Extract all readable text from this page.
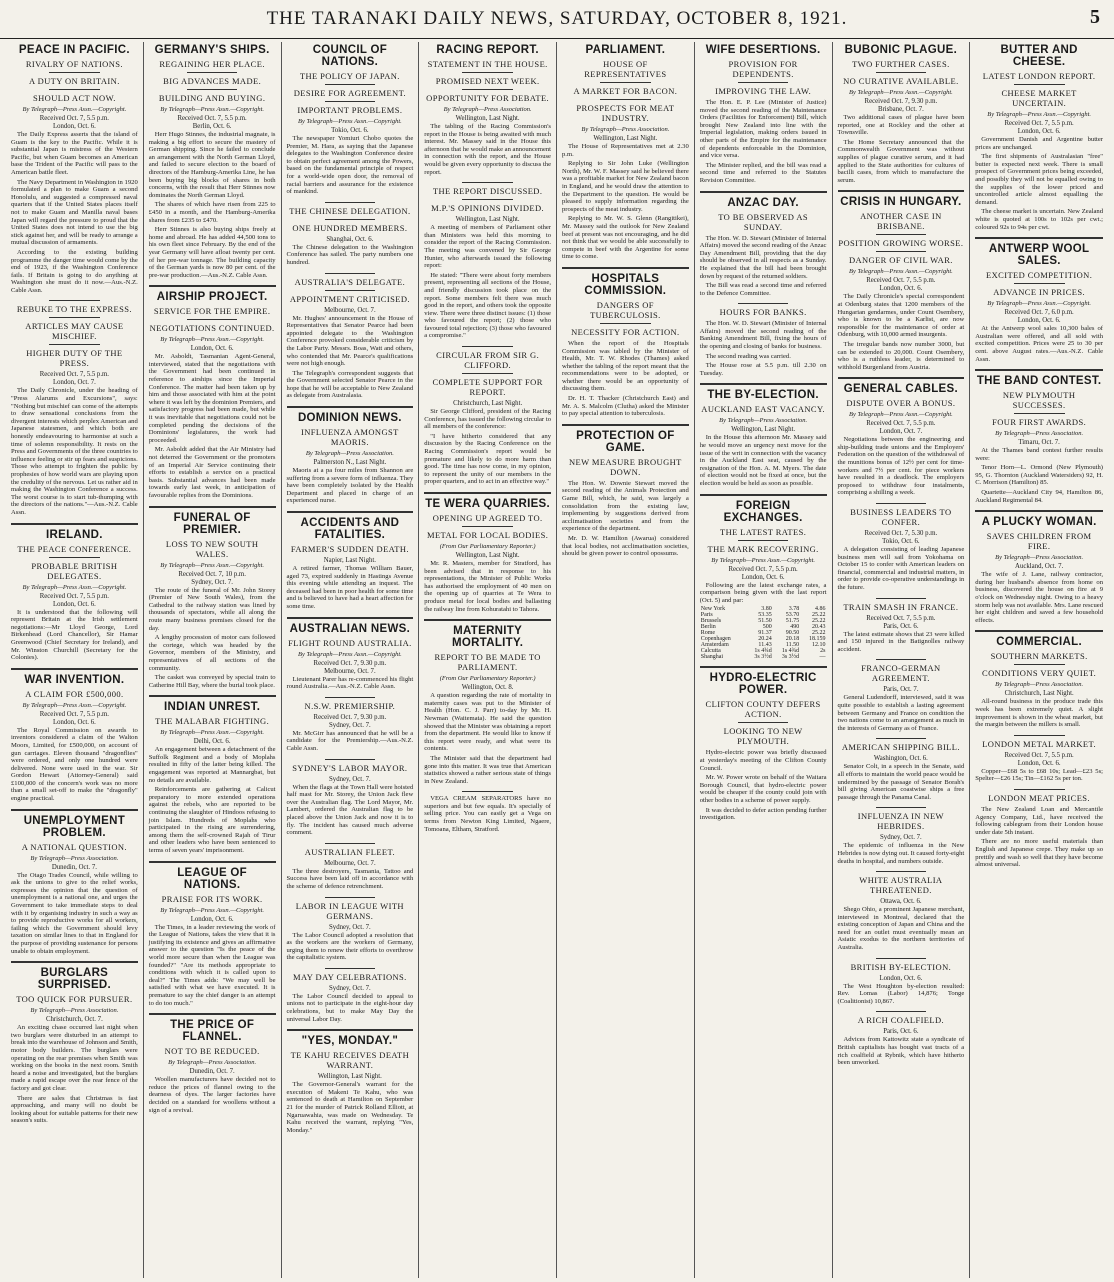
THE TARANAKI DAILY NEWS, SATURDAY, OCTOBER 8, 1921.	5
PEACE IN PACIFIC.
RIVALRY OF NATIONS.
A DUTY ON BRITAIN.
SHOULD ACT NOW.
By Telegraph—Press Assn.—Copyright.
Received Oct. 7, 5.5 p.m.
London, Oct. 6.

The Daily Express asserts that the island of Guam is the key to the Pacific. While it is substantial Japan is mistress of the Western Pacific, but when Guam becomes an American base the Trident of the Pacific will pass to the American battle fleet.

The Navy Department in Washington in 1920 formulated a plan to make Guam a second Honolulu, and suggested a compressed naval quarters that if the United States places itself not to make Guam and Manilla naval bases Japan will regard the pressure to proud that the United States does not intend to use the big stick against her, and will be ready to arrange a mutual discussion of armaments.

According to the existing building programme the danger time would come by the end of 1923, if the Washington Conference fails. If Britain is going to do anything at Washington she must do it now.—Aus.-N.Z. Cable Assn.

REBUKE TO THE EXPRESS.
ARTICLES MAY CAUSE MISCHIEF.
HIGHER DUTY OF THE PRESS.
Received Oct. 7, 5.5 p.m.
London, Oct. 7.

The Daily Chronicle, under the heading of "Press Alarums and Excursions", says: "Nothing but mischief can come of the attempts to draw sensational conclusions from the divergent interests which perplex American and Japanese statesmen, and which both are honestly endeavouring to harmonise at such a time of solemn responsibility. It rests on the Press and Governments of the three countries to influence feeling or stir up fears and suspicions. Those who attempt to frighten the public by prophesies of how world wars are playing upon the credulity of the nervous. Let us rather aid in making the Washington Conference a success. The worst course is to start tub-thumping with the directors of the nations."—Aus.-N.Z. Cable Assn.

IRELAND.
THE PEACE CONFERENCE.
PROBABLE BRITISH DELEGATES.
By Telegraph—Press Assn.—Copyright.
Received Oct. 7, 5.5 p.m.
London, Oct. 6.

It is understood that the following will represent Britain at the Irish settlement negotiations:—Mr Lloyd George, Lord Birkenhead (Lord Chancellor), Sir Hamar Greenwood (Chief Secretary for Ireland), and Mr. Winston Churchill (Secretary for the Colonies).

WAR INVENTION.
A CLAIM FOR £500,000.
By Telegraph—Press Assn.—Copyright.
Received Oct. 7, 5.5 p.m.
London, Oct. 6.

The Royal Commission on awards to inventors considered a claim of the Walton Moors, Limited, for £500,000, on account of gun carriages. Eleven thousand "dragonflies" were ordered, and only one hundred were delivered. None were used in the war. Sir Gordon Hewart (Attorney-General) said £100,000 of the concern's work was no more than a small set-off to make the "dragonfly" engine practical.

UNEMPLOYMENT PROBLEM.
A NATIONAL QUESTION.
By Telegraph—Press Association.
Dunedin, Oct. 7.

The Otago Trades Council, while willing to ask the unions to give to the relief works, expresses the opinion that the question of unemployment is a national one, and urges the Government to take immediate steps to deal with it by organising industry in such a way as to provide reproductive works for all workers, failing which the Government should levy taxation on similar lines to that in England for the purpose of providing sustenance for persons unable to obtain employment.

BURGLARS SURPRISED.
TOO QUICK FOR PURSUER.
By Telegraph—Press Association.
Christchurch, Oct. 7.

An exciting chase occurred last night when two burglars were disturbed in an attempt to break into the warehouse of Johnson and Smith, motor body builders. The burglars were operating on the rear premises when Smith was working on the books in the next room. Smith heard a noise and investigated, but the burglars made a rapid escape over the rear fence of the factory and got clear.

There are sales that Christmas is fast approaching, and many will no doubt be looking about for suitable patterns for their new season's suits.

GERMANY'S SHIPS.
REGAINING HER PLACE.
BIG ADVANCES MADE.
BUILDING AND BUYING.
By Telegraph—Press Assn.—Copyright.
Received Oct. 7, 5.5 p.m.
Berlin, Oct. 6.

Herr Hugo Stinnes, the industrial magnate, is making a big effort to secure the mastery of German shipping. Since he failed to conclude an arrangement with the North German Lloyd, and failed to secure election to the board of directors of the Hamburg-Amerika Line, he has been buying big blocks of shares in both concerns, with the result that Herr Stinnes now dominates the North German Lloyd.

The shares of which have risen from 225 to £450 in a month, and the Hamburg-Amerika shares from £235 to £470.

Herr Stinnes is also buying ships freely at home and abroad. He has added 44,500 tons to his own fleet since February. By the end of the year Germany will have afloat twenty per cent. of her pre-war tonnage. The building capacity of the German yards is now 80 per cent. of the pre-war production.—Aus.-N.Z. Cable Assn.

AIRSHIP PROJECT.
SERVICE FOR THE EMPIRE.
NEGOTIATIONS CONTINUED.
By Telegraph—Press Assn.—Copyright.
London, Oct. 6.

Mr. Asboldt, Tasmanian Agent-General, interviewed, stated that the negotiations with the Government had been continued in reference to airships since the Imperial Conference. The matter had been taken up by him and those associated with him at the point where it was left by the dominion Premiers, and satisfactory progress had been made, but while it was inevitable that negotiations could not be completed pending the decisions of the Dominions' legislatures, the work had proceeded.

Mr. Asboldt added that the Air Ministry had not deterred the Government or the promoters of an Imperial Air Service continuing their efforts to establish a service on a practical basis. Substantial advances had been made towards early last week, in anticipation of favourable replies from the Dominions.

FUNERAL OF PREMIER.
LOSS TO NEW SOUTH WALES.
By Telegraph—Press Assn.—Copyright.
Received Oct. 7, 10 p.m.
Sydney, Oct. 7.

The route of the funeral of Mr. John Storey (Premier of New South Wales), from the Cathedral to the railway station was lined by thousands of spectators, while all along the route many business premises closed for the day.

A lengthy procession of motor cars followed the cortege, which was headed by the Governor, members of the Ministry, and representatives of all sections of the community.

The casket was conveyed by special train to Catherine Hill Bay, where the burial took place.

INDIAN UNREST.
THE MALABAR FIGHTING.
By Telegraph—Press Assn.—Copyright.
Delhi, Oct. 6.

An engagement between a detachment of the Suffolk Regiment and a body of Moplahs resulted in fifty of the latter being killed. The engagement was reported at Mannargbat, but no details are available.

Reinforcements are gathering at Calicut preparatory to more extended operations against the rebels, who are reported to be continuing the slaughter of Hindoos refusing to join Islam. Hundreds of Moplahs who participated in the rising are surrendering, among them the self-crowned Rajah of Tirur and other leaders who have been sentenced to terms of seven years' imprisonment.

LEAGUE OF NATIONS.
PRAISE FOR ITS WORK.
By Telegraph—Press Assn.—Copyright.
London, Oct. 6.

The Times, in a leader reviewing the work of the League of Nations, takes the view that it is justifying its existence and gives an affirmative answer to the question "Is the peace of the world more secure than when the League was founded?" "Are its methods appropriate to conditions with which it is called upon to deal?" The Times adds: "We may well be satisfied with what we have executed. It is premature to say the chief danger is an attempt to do too much."

THE PRICE OF FLANNEL.
NOT TO BE REDUCED.
By Telegraph—Press Association.
Dunedin, Oct. 7.

Woollen manufacturers have decided not to reduce the prices of flannel owing to the dearness of dyes. The larger factories have decided on a standard for woollens without a sign of a revival.

COUNCIL OF NATIONS.
THE POLICY OF JAPAN.
DESIRE FOR AGREEMENT.
IMPORTANT PROBLEMS.
By Telegraph—Press Assn.—Copyright.
Tokio, Oct. 6.

The newspaper Yomiuri Chobo quotes the Premier, M. Hara, as saying that the Japanese delegates to the Washington Conference desire to obtain perfect agreement among the Powers, based on the fundamental principle of respect for a world-wide open door, the removal of racial barriers and assurance for the existence of mankind.

THE CHINESE DELEGATION.
ONE HUNDRED MEMBERS.
Shanghai, Oct. 6.

The Chinese delegation to the Washington Conference has sailed. The party numbers one hundred.

AUSTRALIA'S DELEGATE.
APPOINTMENT CRITICISED.
Melbourne, Oct. 7.

Mr. Hughes' announcement in the House of Representatives that Senator Pearce had been appointed delegate to the Washington Conference provoked considerable criticism by the Labor Party. Messrs. Boas, Watt and others, who contended that Mr. Pearce's qualifications were not high enough.

The Telegraph's correspondent suggests that the Government selected Senator Pearce in the hope that he will be acceptable to New Zealand as delegate from Australasia.

DOMINION NEWS.
INFLUENZA AMONGST MAORIS.
By Telegraph—Press Association.
Palmerston N., Last Night.

Maoris at a pa four miles from Shannon are suffering from a severe form of influenza. They have been completely isolated by the Health Department and placed in charge of an experienced nurse.

ACCIDENTS AND FATALITIES.
FARMER'S SUDDEN DEATH.
Napier, Last Night.

A retired farmer, Thomas William Bauer, aged 73, expired suddenly in Hastings Avenue this evening while attending an inquest. The deceased had been in poor health for some time and is believed to have had a heart affection for some time.

AUSTRALIAN NEWS.
FLIGHT ROUND AUSTRALIA.
By Telegraph—Press Assn.—Copyright.
Received Oct. 7, 9.30 p.m.
Melbourne, Oct. 7.

Lieutenant Parer has re-commenced his flight round Australia.—Aus.-N.Z. Cable Assn.

N.S.W. PREMIERSHIP.
Received Oct. 7, 9.30 p.m.
Sydney, Oct. 7.

Mr. McGirr has announced that he will be a candidate for the Premiership.—Aus.-N.Z. Cable Assn.

SYDNEY'S LABOR MAYOR.
Sydney, Oct. 7.

When the flags at the Town Hall were hoisted half mast for Mr. Storey, the Union Jack flew over the Australian flag. The Lord Mayor, Mr. Lambert, ordered the Australian flag to be placed above the Union Jack and now it is to fly. The incident has caused much adverse comment.

AUSTRALIAN FLEET.
Melbourne, Oct. 7.

The three destroyers, Tasmania, Tattoo and Success have been laid off in accordance with the scheme of defence retrenchment.

LABOR IN LEAGUE WITH GERMANS.
Sydney, Oct. 7.

The Labor Council adopted a resolution that as the workers are the workers of Germany, urging them to renew their efforts to overthrow the capitalistic system.

MAY DAY CELEBRATIONS.
Sydney, Oct. 7.

The Labor Council decided to appeal to unions not to participate in the eight-hour day celebrations, but to make May Day the universal Labor Day.

"YES, MONDAY."
TE KAHU RECEIVES DEATH WARRANT.
Wellington, Last Night.

The Governor-General's warrant for the execution of Makeni Te Kahu, who was sentenced to death at Hamilton on September 21 for the murder of Patrick Rolland Elliott, at Ngaruawahia, was made on Wednesday. Te Kahu received the warrant, replying "Yes, Monday."

RACING REPORT.
STATEMENT IN THE HOUSE.
PROMISED NEXT WEEK.
OPPORTUNITY FOR DEBATE.
By Telegraph—Press Association.
Wellington, Last Night.

The tabling of the Racing Commission's report in the House is being awaited with much interest. Mr. Massey said in the House this afternoon that he would make an announcement in connection with the report, and the House would be given every opportunity to discuss the report.

THE REPORT DISCUSSED.
M.P.'S OPINIONS DIVIDED.
Wellington, Last Night.

A meeting of members of Parliament other than Ministers was held this morning to consider the report of the Racing Commission. The meeting was convened by Sir George Hunter, who afterwards issued the following report:

He stated: "There were about forty members present, representing all sections of the House, and friendly discussion took place on the report. Some members felt there was much good in the report, and others took the opposite view. There were three distinct issues: (1) those who favoured the report; (2) those who favoured total rejection; (3) those who favoured a compromise."

CIRCULAR FROM SIR G. CLIFFORD.
COMPLETE SUPPORT FOR REPORT.
Christchurch, Last Night.

Sir George Clifford, president of the Racing Conference, has issued the following circular to all members of the conference:

"I have hitherto considered that any discussion by the Racing Conference on the Racing Commission's report would be premature and likely to do more harm than good. The time has now come, in my opinion, to represent the unity of our members in the proper quarters, and to act in an effective way."

TE WERA QUARRIES.
OPENING UP AGREED TO.
METAL FOR LOCAL BODIES.
(From Our Parliamentary Reporter.)
Wellington, Last Night.

Mr. R. Masters, member for Stratford, has been advised that in response to his representations, the Minister of Public Works has authorised the employment of 40 men on the opening up of quarries at Te Wera to produce metal for local bodies and ballasting the railway line from Kohuratahi to Tahora.

MATERNITY MORTALITY.
REPORT TO BE MADE TO PARLIAMENT.
(From Our Parliamentary Reporter.)
Wellington, Oct. 8.

A question regarding the rate of mortality in maternity cases was put to the Minister of Health (Hon. C. J. Parr) to-day by Mr. H. Newman (Waitemata). He said the question showed that the Minister was obtaining a report from the department. He would like to know if this report were ready, and what were its contents.

The Minister said that the department had gone into this matter. It was true that American statistics showed a rather serious state of things in New Zealand.

VEGA CREAM SEPARATORS have no superiors and but few equals. It's specially of selling price. You can easily get a Vega on terms from Newton King Limited, Ngaere, Tomoana, Eltham, Stratford.

PARLIAMENT.
HOUSE OF REPRESENTATIVES
A MARKET FOR BACON.
PROSPECTS FOR MEAT INDUSTRY.
By Telegraph—Press Association.
Wellington, Last Night.

The House of Representatives met at 2.30 p.m.

Replying to Sir John Luke (Wellington North), Mr. W. F. Massey said he believed there was a profitable market for New Zealand bacon in England, and he would draw the attention to the Department to the question. He would be pleased to supply information regarding the prospects of the meat industry.

Replying to Mr. W. S. Glenn (Rangitikei), Mr. Massey said the outlook for New Zealand beef at present was not encouraging, and he did not think that we would be able successfully to compete in beef with the Argentine for some time to come.

HOSPITALS COMMISSION.
DANGERS OF TUBERCULOSIS.
NECESSITY FOR ACTION.

When the report of the Hospitals Commission was tabled by the Minister of Health, Mr. T. W. Rhodes (Thames) asked whether the tabling of the report meant that the recommendations were to be adopted, or whether there would be an opportunity of discussing them.

Dr. H. T. Thacker (Christchurch East) and Mr. A. S. Malcolm (Clutha) asked the Minister to pay special attention to tuberculosis.

PROTECTION OF GAME.
NEW MEASURE BROUGHT DOWN.

The Hon. W. Downie Stewart moved the second reading of the Animals Protection and Game Bill, which, he said, was largely a consolidation from the existing law, implementing by suggestions derived from acclimatisation societies and from the experience of the department.

Mr. D. W. Hamilton (Awarua) considered that local bodies, not acclimatisation societies, should be given power to control opossums.

WIFE DESERTIONS.
PROVISION FOR DEPENDENTS.
IMPROVING THE LAW.

The Hon. E. P. Lee (Minister of Justice) moved the second reading of the Maintenance Orders (Facilities for Enforcement) Bill, which brought New Zealand into line with the Imperial legislation, making orders issued in other parts of the Empire for the maintenance of dependents enforceable in the Dominion, and vice versa.

The Minister replied, and the bill was read a second time and referred to the Statutes Revision Committee.

ANZAC DAY.
TO BE OBSERVED AS SUNDAY.

The Hon. W. D. Stewart (Minister of Internal Affairs) moved the second reading of the Anzac Day Amendment Bill, providing that the day should be observed in all respects as a Sunday. He explained that the bill had been brought down by request of the returned soldiers.

The Bill was read a second time and referred to the Defence Committee.

HOURS FOR BANKS.

The Hon. W. D. Stewart (Minister of Internal Affairs) moved the second reading of the Banking Amendment Bill, fixing the hours of the opening and closing of banks for business.

The second reading was carried.

The House rose at 5.5 p.m. till 2.30 on Tuesday.

THE BY-ELECTION.
AUCKLAND EAST VACANCY.
By Telegraph—Press Association.
Wellington, Last Night.

In the House this afternoon Mr. Massey said he would move an urgency next move for the issue of the writ in connection with the vacancy in the Auckland East seat, caused by the resignation of the Hon. A. M. Myers. The date of election would not be fixed at once, but the election would be held as soon as possible.

FOREIGN EXCHANGES.
THE LATEST RATES.
THE MARK RECOVERING.
By Telegraph—Press Assn.—Copyright.
Received Oct. 7, 5.5 p.m.
London, Oct. 6.

Following are the latest exchange rates, a comparison being given with the last report (Oct. 5) and par:

New York	3.80	3.78	4.86
Paris	53.35	53.70	25.22
Brussels	51.50	51.75	25.22
Berlin	500	490	20.43
Rome	91.37	90.50	25.22
Copenhagen	20.24	20.18	18.159
Amsterdam	11.43	11.50	12.10
Calcutta	1s 4¾d	1s 4¾d	2s
Shanghai	3s 3½d	3s 3½d	—
HYDRO-ELECTRIC POWER.
CLIFTON COUNTY DEFERS ACTION.
LOOKING TO NEW PLYMOUTH.

Hydro-electric power was briefly discussed at yesterday's meeting of the Clifton County Council.

Mr. W. Power wrote on behalf of the Waitara Borough Council, that hydro-electric power would be cheaper if the county could join with other bodies in a scheme of power supply.

It was decided to defer action pending further investigation.

BUBONIC PLAGUE.
TWO FURTHER CASES.
NO CURATIVE AVAILABLE.
By Telegraph—Press Assn.—Copyright.
Received Oct. 7, 9.30 p.m.
Brisbane, Oct. 7.

Two additional cases of plague have been reported, one at Rockley and the other at Townsville.

The Home Secretary announced that the Commonwealth Government was without supplies of plague curative serum, and it had applied to the State authorities for cultures of bacilli cases, from which to manufacture the serum.

CRISIS IN HUNGARY.
ANOTHER CASE IN BRISBANE.
POSITION GROWING WORSE.
DANGER OF CIVIL WAR.
By Telegraph—Press Assn.—Copyright.
Received Oct. 7, 5.5 p.m.
London, Oct. 6.

The Daily Chronicle's special correspondent at Odenburg states that 1200 members of the Hungarian gendarmes, under Count Osembery, who is known to be a Karlist, are now responsible for the maintenance of order at Odenburg, with 10,000 armed insurgents.

The irregular bands now number 3000, but can be extended to 20,000. Count Osembery, who is a ruthless leader, is determined to withhold Burgenland from Austria.

GENERAL CABLES.
DISPUTE OVER A BONUS.
By Telegraph—Press Assn.—Copyright.
Received Oct. 7, 5.5 p.m.
London, Oct. 7.

Negotiations between the engineering and ship-building trade unions and the Employers' Federation on the question of the withdrawal of the munitions bonus of 12½ per cent for time-workers and 7½ per cent. for piece workers have resulted in a deadlock. The employers proposed to withdraw four instalments, comprising a shilling a week.

BUSINESS LEADERS TO CONFER.
Received Oct. 7, 5.30 p.m.
Tokio, Oct. 6.

A delegation consisting of leading Japanese business men will sail from Yokohama on October 15 to confer with American leaders on financial, commercial and industrial matters, in order to provide co-operative understandings in the future.

TRAIN SMASH IN FRANCE.
Received Oct. 7, 5.5 p.m.
Paris, Oct. 6.

The latest estimate shows that 23 were killed and 150 injured in the Batignolles railway accident.

FRANCO-GERMAN AGREEMENT.
Paris, Oct. 7.

General Ludendorff, interviewed, said it was quite possible to establish a lasting agreement between Germany and France on condition the two nations come to an arrangement as much in the interests of Germany as of France.

AMERICAN SHIPPING BILL.
Washington, Oct. 6.

Senator Colt, in a speech in the Senate, said all efforts to maintain the world peace would be undermined by the passage of Senator Borah's bill giving American coastwise ships a free passage through the Panama Canal.

INFLUENZA IN NEW HEBRIDES.
Sydney, Oct. 7.

The epidemic of influenza in the New Hebrides is now dying out. It caused forty-eight deaths in hospital, and numbers outside.

WHITE AUSTRALIA THREATENED.
Ottawa, Oct. 6.

Shego Ohio, a prominent Japanese merchant, interviewed in Montreal, declared that the existing conception of Japan and China and the need for an outlet must eventually mean an Asiatic exodus to the northern territories of Australia.

BRITISH BY-ELECTION.
London, Oct. 6.

The West Houghton by-election resulted: Rev. Lomas (Labor) 14,876; Tonge (Coalitionist) 10,867.

A RICH COALFIELD.
Paris, Oct. 6.

Advices from Kattowitz state a syndicate of British capitalists has bought vast tracts of a rich coalfield at Rybnik, which have hitherto been unworked.

BUTTER AND CHEESE.
LATEST LONDON REPORT.
CHEESE MARKET UNCERTAIN.
By Telegraph—Press Assn.—Copyright.
Received Oct. 7, 5.5 p.m.
London, Oct. 6.

Government Danish and Argentine butter prices are unchanged.

The first shipments of Australasian "free" butter is expected next week. There is small prospect of Government prices being exceeded, and possibly they will not be equalled owing to the supplies of the lower priced and uncontrolled article almost equalling the demand.

The cheese market is uncertain. New Zealand white is quoted at 100s to 102s per cwt.; coloured 92s to 94s per cwt.

ANTWERP WOOL SALES.
EXCITED COMPETITION.
ADVANCE IN PRICES.
By Telegraph—Press Assn.—Copyright.
Received Oct. 7, 6.0 p.m.
London, Oct. 6.

At the Antwerp wool sales 10,300 bales of Australian were offered, and all sold with excited competition. Prices were 25 to 30 per cent. above August rates.—Aus.-N.Z. Cable Assn.

THE BAND CONTEST.
NEW PLYMOUTH SUCCESSES.
FOUR FIRST AWARDS.
By Telegraph—Press Association.
Timaru, Oct. 7.

At the Thames band contest further results were:

Tenor Horn—L. Ormond (New Plymouth) 95, G. Thornton (Auckland Watersiders) 92, H. C. Morrison (Hamilton) 85.

Quartette—Auckland City 94, Hamilton 86, Auckland Regimental 84.

A PLUCKY WOMAN.
SAVES CHILDREN FROM FIRE.
By Telegraph—Press Association.
Auckland, Oct. 7.

The wife of J. Lane, railway contractor, during her husband's absence from home on business, discovered the house on fire at 9 o'clock on Wednesday night. Owing to a heavy storm help was not available. Mrs. Lane rescued her eight children and saved a few household effects.

COMMERCIAL.
SOUTHERN MARKETS.
CONDITIONS VERY QUIET.
By Telegraph—Press Association.
Christchurch, Last Night.

All-round business in the produce trade this week has been extremely quiet. A slight improvement is shown in the wheat market, but the margin between the millers is small.

LONDON METAL MARKET.
Received Oct. 7, 5.5 p.m.
London, Oct. 6.

Copper—£68 5s to £68 10s; Lead—£23 5s; Spelter—£26 15s; Tin—£162 5s per ton.

LONDON MEAT PRICES.

The New Zealand Loan and Mercantile Agency Company, Ltd., have received the following cablegram from their London house under date 5th instant.

There are no more useful materials than English and Japanese crepe. They make up so prettily and wash so well that they have become almost universal.
